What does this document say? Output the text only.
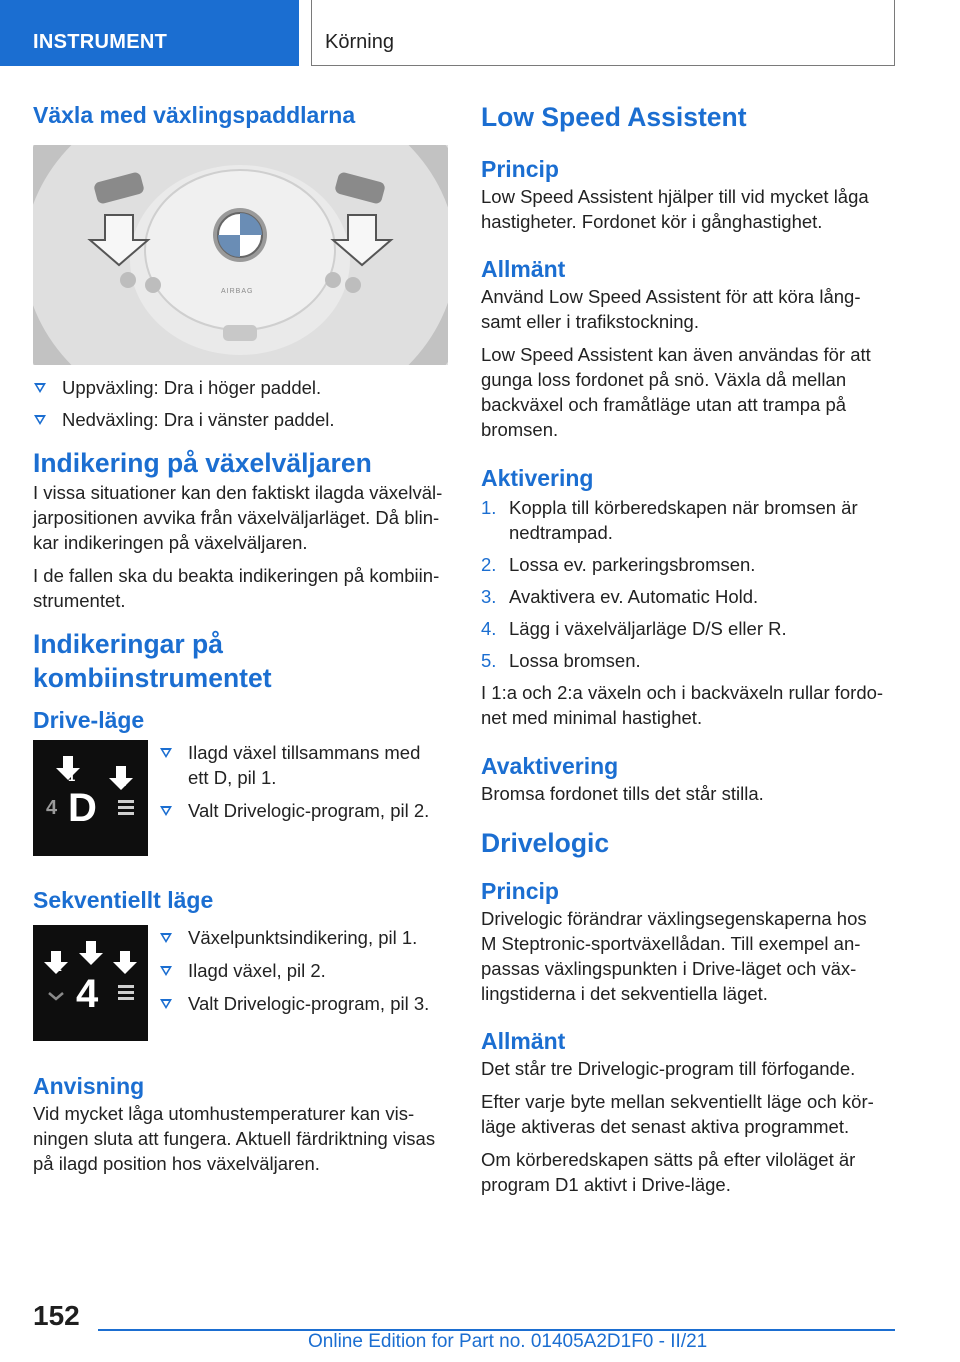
INSTRUMENT	Körning
Växla med växlingspaddlarna
AIRBAG
Uppväxling: Dra i höger paddel.
Nedväxling: Dra i vänster paddel.
Indikering på växelväljaren

I vissa situationer kan den faktiskt ilagda växelväl-
jarpositionen avvika från växelväljarläget. Då blin-
kar indikeringen på växelväljaren.

I de fallen ska du beakta indikeringen på kombiin-
strumentet.

Indikeringar på
kombiinstrumentet
Drive-läge
1	2
4 D
Ilagd växel tillsammans med
ett D, pil 1.
Valt Drivelogic-program, pil 2.
Sekventiellt läge
1
2
3
4
Växelpunktsindikering, pil 1.
Ilagd växel, pil 2.
Valt Drivelogic-program, pil 3.
Anvisning

Vid mycket låga utomhustemperaturer kan vis-
ningen sluta att fungera. Aktuell färdriktning visas
på ilagd position hos växelväljaren.

Low Speed Assistent
Princip

Low Speed Assistent hjälper till vid mycket låga
hastigheter. Fordonet kör i gånghastighet.

Allmänt

Använd Low Speed Assistent för att köra lång-
samt eller i trafikstockning.

Low Speed Assistent kan även användas för att
gunga loss fordonet på snö. Växla då mellan
backväxel och framåtläge utan att trampa på
bromsen.

Aktivering
1. Koppla till körberedskapen när bromsen är
nedtrampad.
2. Lossa ev. parkeringsbromsen.
3. Avaktivera ev. Automatic Hold.
4. Lägg i växelväljarläge D/S eller R.
5. Lossa bromsen.

I 1:a och 2:a växeln och i backväxeln rullar fordo-
net med minimal hastighet.

Avaktivering

Bromsa fordonet tills det står stilla.

Drivelogic
Princip

Drivelogic förändrar växlingsegenskaperna hos
M Steptronic-sportväxellådan. Till exempel an-
passas växlingspunkten i Drive-läget och väx-
lingstiderna i det sekventiella läget.

Allmänt

Det står tre Drivelogic-program till förfogande.

Efter varje byte mellan sekventiellt läge och kör-
läge aktiveras det senast aktiva programmet.

Om körberedskapen sätts på efter viloläget är
program D1 aktivt i Drive-läge.

152
Online Edition for Part no. 01405A2D1F0 - II/21
